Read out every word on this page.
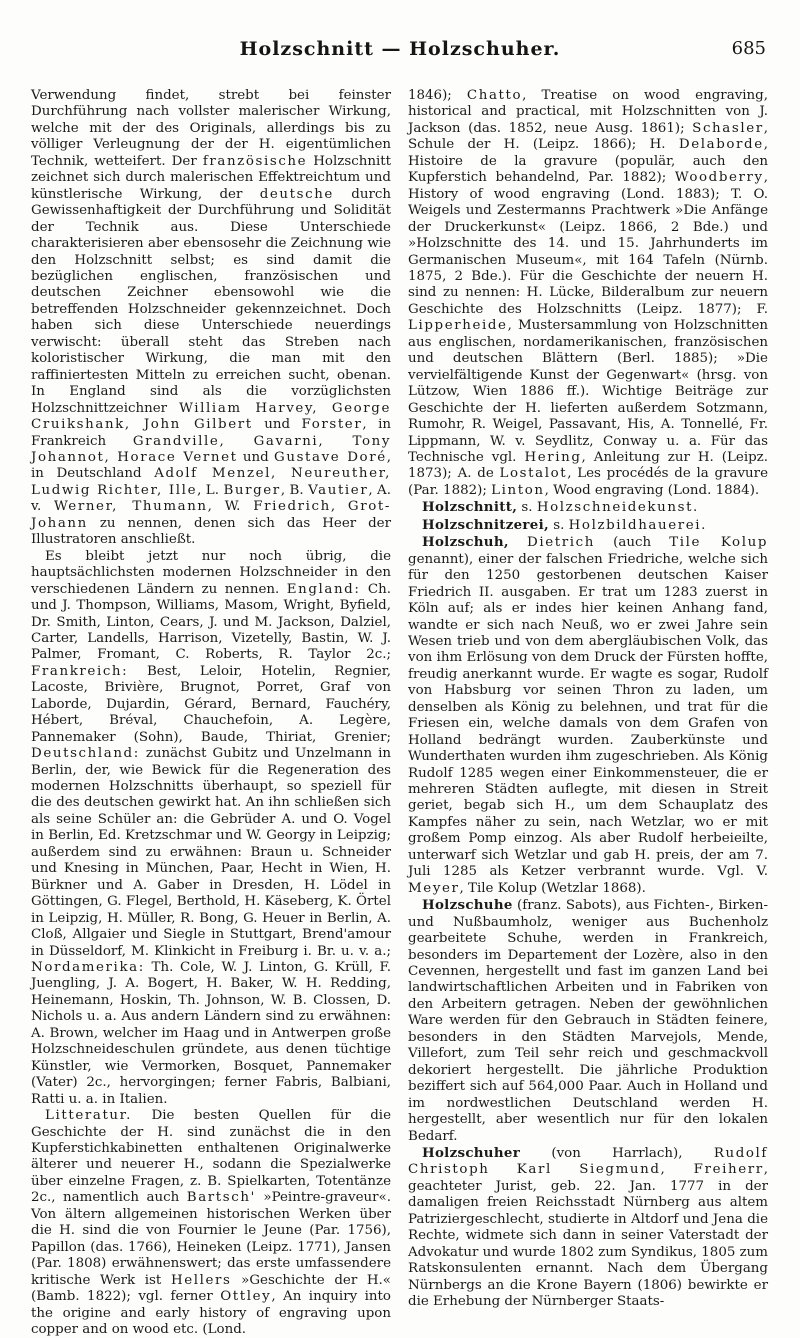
Holzschnitt — Holzschuher.	685

Verwendung findet, strebt bei feinster Durchführung nach vollster malerischer Wirkung, welche mit der des Originals, allerdings bis zu völliger Verleugnung der der H. eigentümlichen Technik, wetteifert. Der französische Holzschnitt zeichnet sich durch malerischen Effektreichtum und künstlerische Wirkung, der deutsche durch Gewissenhaftigkeit der Durchführung und Solidität der Technik aus. Diese Unterschiede charakterisieren aber ebensosehr die Zeichnung wie den Holzschnitt selbst; es sind damit die bezüglichen englischen, französischen und deutschen Zeichner ebensowohl wie die betreffenden Holzschneider gekennzeichnet. Doch haben sich diese Unterschiede neuerdings verwischt: überall steht das Streben nach koloristischer Wirkung, die man mit den raffiniertesten Mitteln zu erreichen sucht, obenan. In England sind als die vorzüglichsten Holzschnittzeichner William Harvey, George Cruikshank, John Gilbert und Forster, in Frankreich Grandville, Gavarni, Tony Johannot, Horace Vernet und Gustave Doré, in Deutschland Adolf Menzel, Neureuther, Ludwig Richter, Ille, L. Burger, B. Vautier, A. v. Werner, Thumann, W. Friedrich, Grot-Johann zu nennen, denen sich das Heer der Illustratoren anschließt.

Es bleibt jetzt nur noch übrig, die hauptsächlichsten modernen Holzschneider in den verschiedenen Ländern zu nennen. England: Ch. und J. Thompson, Williams, Masom, Wright, Byfield, Dr. Smith, Linton, Cears, J. und M. Jackson, Dalziel, Carter, Landells, Harrison, Vizetelly, Bastin, W. J. Palmer, Fromant, C. Roberts, R. Taylor 2c.; Frankreich: Best, Leloir, Hotelin, Regnier, Lacoste, Brivière, Brugnot, Porret, Graf von Laborde, Dujardin, Gérard, Bernard, Fauchéry, Hébert, Bréval, Chauchefoin, A. Legère, Pannemaker (Sohn), Baude, Thiriat, Grenier; Deutschland: zunächst Gubitz und Unzelmann in Berlin, der, wie Bewick für die Regeneration des modernen Holzschnitts überhaupt, so speziell für die des deutschen gewirkt hat. An ihn schließen sich als seine Schüler an: die Gebrüder A. und O. Vogel in Berlin, Ed. Kretzschmar und W. Georgy in Leipzig; außerdem sind zu erwähnen: Braun u. Schneider und Knesing in München, Paar, Hecht in Wien, H. Bürkner und A. Gaber in Dresden, H. Lödel in Göttingen, G. Flegel, Berthold, H. Käseberg, K. Örtel in Leipzig, H. Müller, R. Bong, G. Heuer in Berlin, A. Cloß, Allgaier und Siegle in Stuttgart, Brend'amour in Düsseldorf, M. Klinkicht in Freiburg i. Br. u. v. a.; Nordamerika: Th. Cole, W. J. Linton, G. Krüll, F. Juengling, J. A. Bogert, H. Baker, W. H. Redding, Heinemann, Hoskin, Th. Johnson, W. B. Clossen, D. Nichols u. a. Aus andern Ländern sind zu erwähnen: A. Brown, welcher im Haag und in Antwerpen große Holzschneideschulen gründete, aus denen tüchtige Künstler, wie Vermorken, Bosquet, Pannemaker (Vater) 2c., hervorgingen; ferner Fabris, Balbiani, Ratti u. a. in Italien.

Litteratur. Die besten Quellen für die Geschichte der H. sind zunächst die in den Kupferstichkabinetten enthaltenen Originalwerke älterer und neuerer H., sodann die Spezialwerke über einzelne Fragen, z. B. Spielkarten, Totentänze 2c., namentlich auch Bartsch' »Peintre-graveur«. Von ältern allgemeinen historischen Werken über die H. sind die von Fournier le Jeune (Par. 1756), Papillon (das. 1766), Heineken (Leipz. 1771), Jansen (Par. 1808) erwähnenswert; das erste umfassendere kritische Werk ist Hellers »Geschichte der H.« (Bamb. 1822); vgl. ferner Ottley, An inquiry into the origine and early history of engraving upon copper and on wood etc. (Lond.

1846); Chatto, Treatise on wood engraving, historical and practical, mit Holzschnitten von J. Jackson (das. 1852, neue Ausg. 1861); Schasler, Schule der H. (Leipz. 1866); H. Delaborde, Histoire de la gravure (populär, auch den Kupferstich behandelnd, Par. 1882); Woodberry, History of wood engraving (Lond. 1883); T. O. Weigels und Zestermanns Prachtwerk »Die Anfänge der Druckerkunst« (Leipz. 1866, 2 Bde.) und »Holzschnitte des 14. und 15. Jahrhunderts im Germanischen Museum«, mit 164 Tafeln (Nürnb. 1875, 2 Bde.). Für die Geschichte der neuern H. sind zu nennen: H. Lücke, Bilderalbum zur neuern Geschichte des Holzschnitts (Leipz. 1877); F. Lipperheide, Mustersammlung von Holzschnitten aus englischen, nordamerikanischen, französischen und deutschen Blättern (Berl. 1885); »Die vervielfältigende Kunst der Gegenwart« (hrsg. von Lützow, Wien 1886 ff.). Wichtige Beiträge zur Geschichte der H. lieferten außerdem Sotzmann, Rumohr, R. Weigel, Passavant, His, A. Tonnellé, Fr. Lippmann, W. v. Seydlitz, Conway u. a. Für das Technische vgl. Hering, Anleitung zur H. (Leipz. 1873); A. de Lostalot, Les procédés de la gravure (Par. 1882); Linton, Wood engraving (Lond. 1884).

Holzschnitt, s. Holzschneidekunst.

Holzschnitzerei, s. Holzbildhauerei.

Holzschuh, Dietrich (auch Tile Kolup genannt), einer der falschen Friedriche, welche sich für den 1250 gestorbenen deutschen Kaiser Friedrich II. ausgaben. Er trat um 1283 zuerst in Köln auf; als er indes hier keinen Anhang fand, wandte er sich nach Neuß, wo er zwei Jahre sein Wesen trieb und von dem abergläubischen Volk, das von ihm Erlösung von dem Druck der Fürsten hoffte, freudig anerkannt wurde. Er wagte es sogar, Rudolf von Habsburg vor seinen Thron zu laden, um denselben als König zu belehnen, und trat für die Friesen ein, welche damals von dem Grafen von Holland bedrängt wurden. Zauberkünste und Wunderthaten wurden ihm zugeschrieben. Als König Rudolf 1285 wegen einer Einkommensteuer, die er mehreren Städten auflegte, mit diesen in Streit geriet, begab sich H., um dem Schauplatz des Kampfes näher zu sein, nach Wetzlar, wo er mit großem Pomp einzog. Als aber Rudolf herbeieilte, unterwarf sich Wetzlar und gab H. preis, der am 7. Juli 1285 als Ketzer verbrannt wurde. Vgl. V. Meyer, Tile Kolup (Wetzlar 1868).

Holzschuhe (franz. Sabots), aus Fichten-, Birken- und Nußbaumholz, weniger aus Buchenholz gearbeitete Schuhe, werden in Frankreich, besonders im Departement der Lozère, also in den Cevennen, hergestellt und fast im ganzen Land bei landwirtschaftlichen Arbeiten und in Fabriken von den Arbeitern getragen. Neben der gewöhnlichen Ware werden für den Gebrauch in Städten feinere, besonders in den Städten Marvejols, Mende, Villefort, zum Teil sehr reich und geschmackvoll dekoriert hergestellt. Die jährliche Produktion beziffert sich auf 564,000 Paar. Auch in Holland und im nordwestlichen Deutschland werden H. hergestellt, aber wesentlich nur für den lokalen Bedarf.

Holzschuher (von Harrlach), Rudolf Christoph Karl Siegmund, Freiherr, geachteter Jurist, geb. 22. Jan. 1777 in der damaligen freien Reichsstadt Nürnberg aus altem Patriziergeschlecht, studierte in Altdorf und Jena die Rechte, widmete sich dann in seiner Vaterstadt der Advokatur und wurde 1802 zum Syndikus, 1805 zum Ratskonsulenten ernannt. Nach dem Übergang Nürnbergs an die Krone Bayern (1806) bewirkte er die Erhebung der Nürnberger Staats-
